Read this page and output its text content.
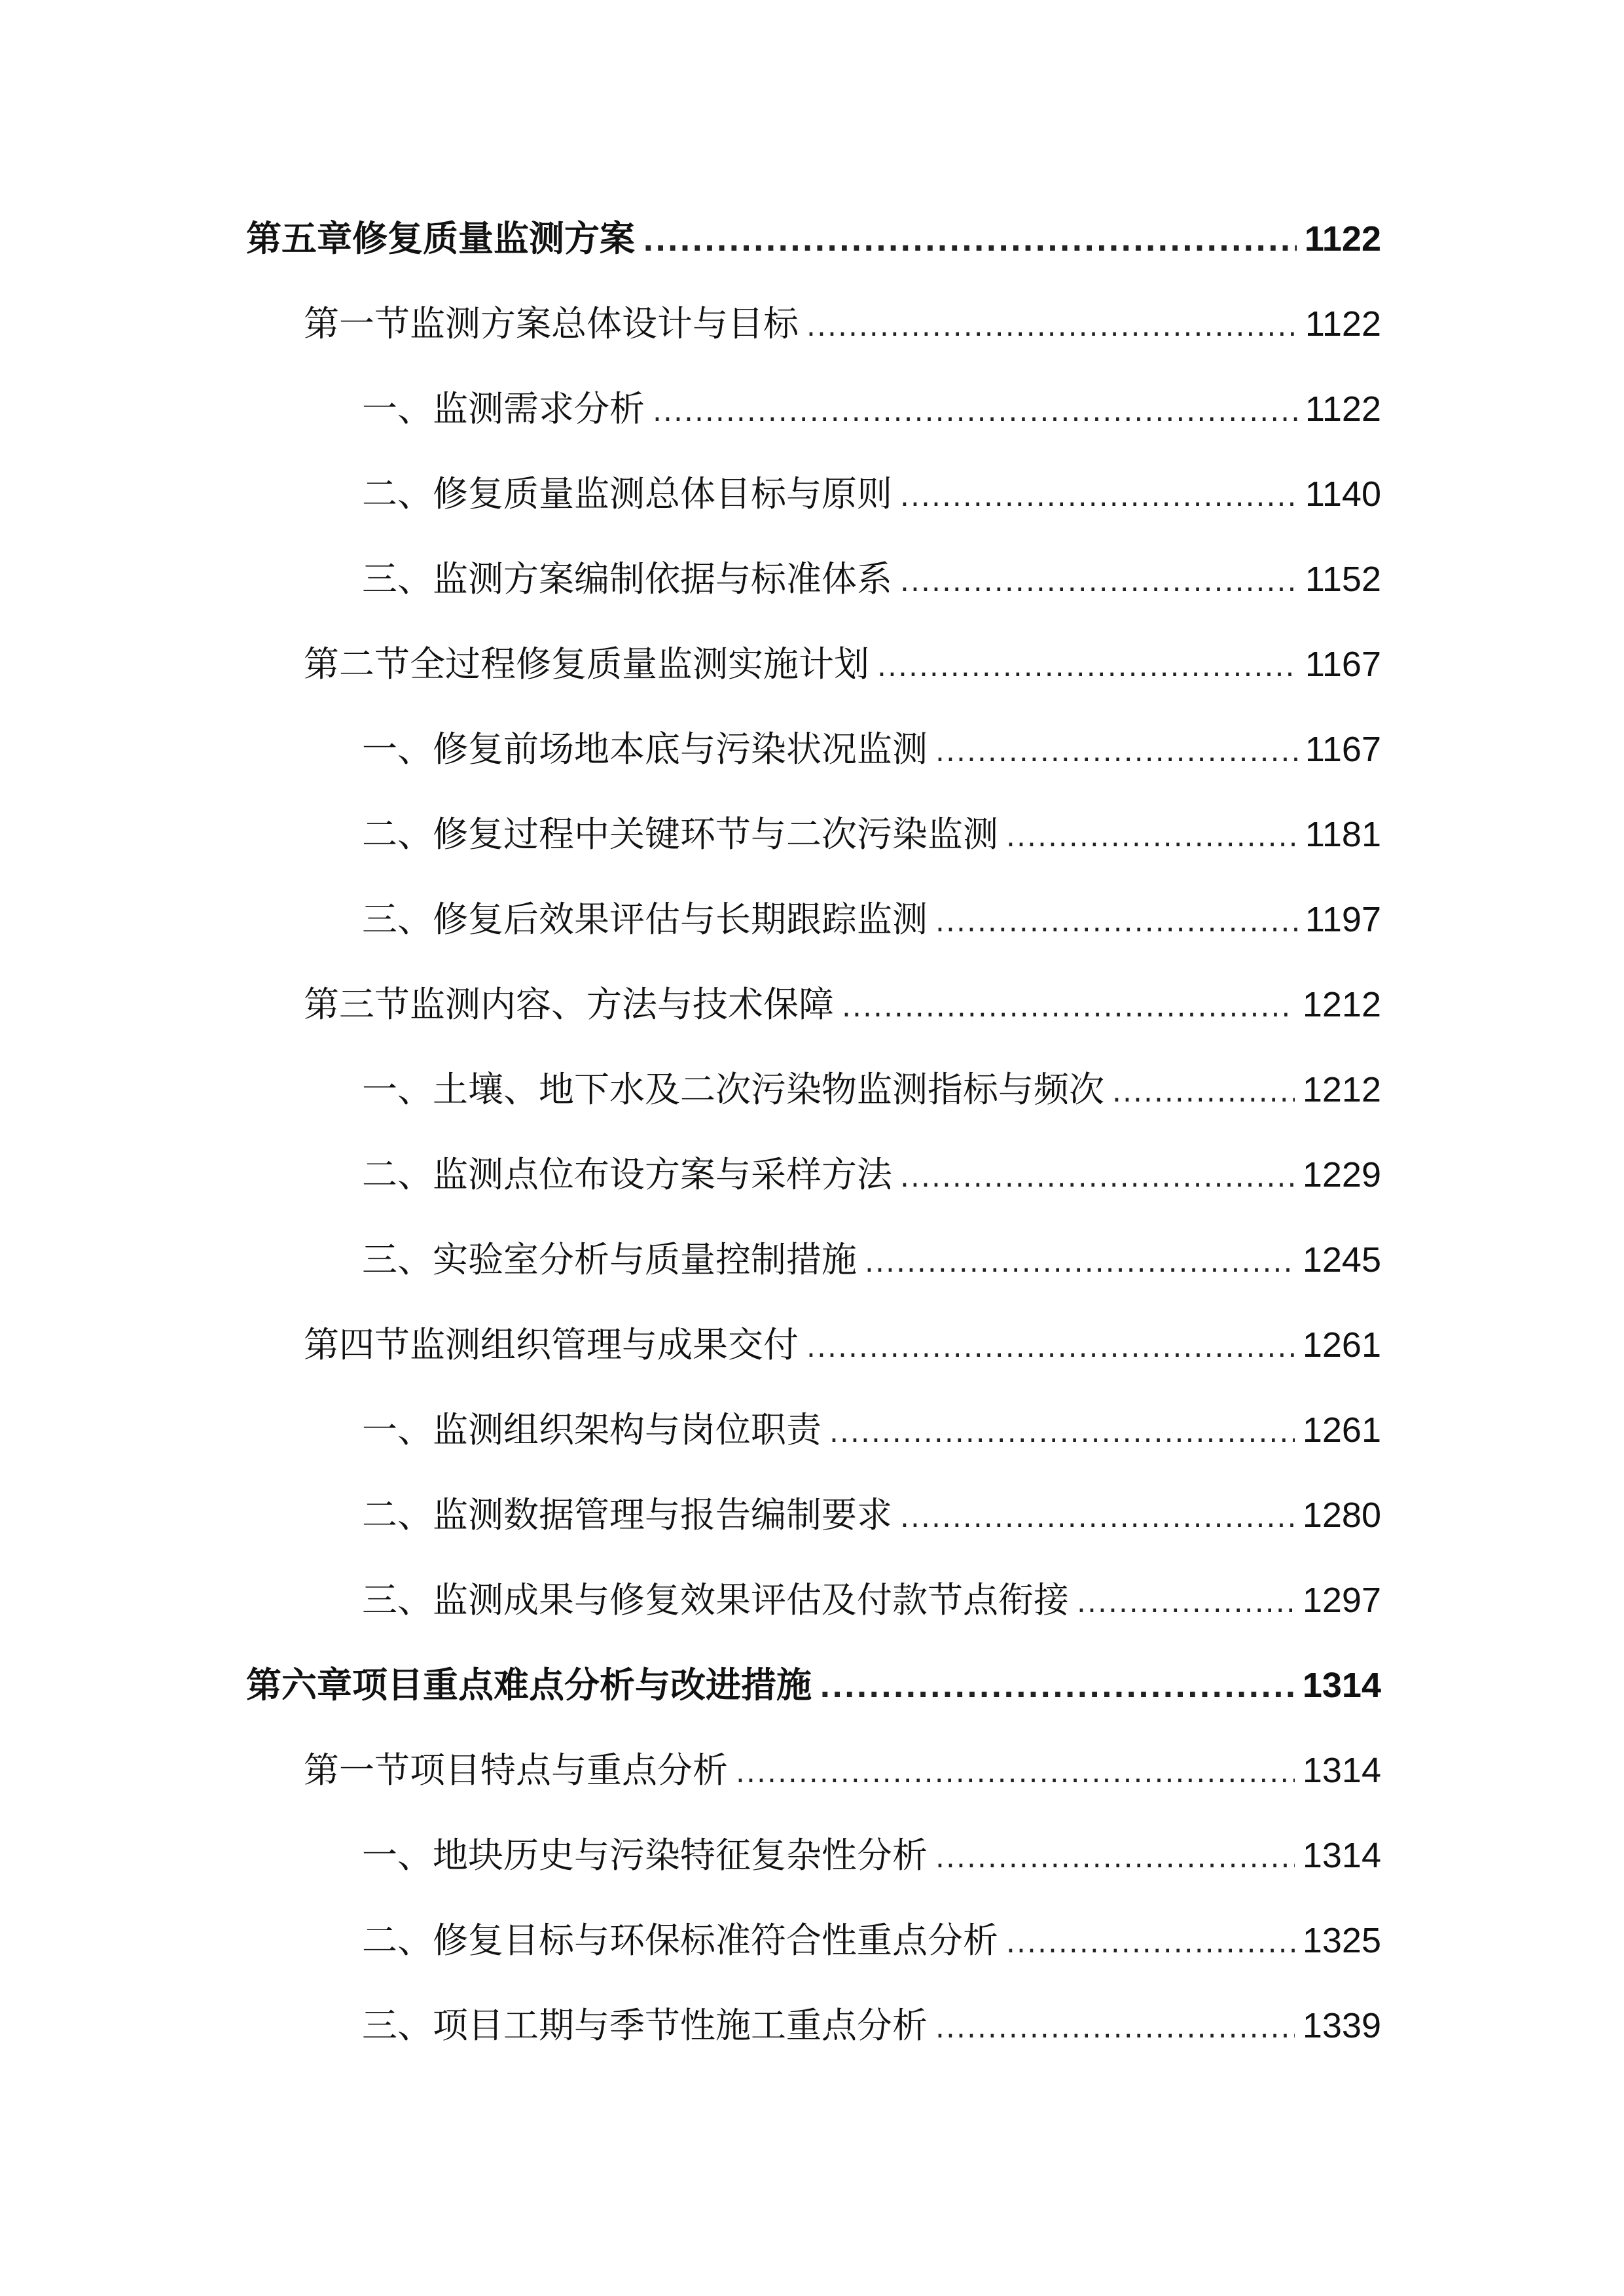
第五章修复质量监测方案 .....	1122
第一节监测方案总体设计与目标 .....	1122
一、监测需求分析 .....	1122
二、修复质量监测总体目标与原则 .....	1140
三、监测方案编制依据与标准体系 .....	1152
第二节全过程修复质量监测实施计划 .....	1167
一、修复前场地本底与污染状况监测 .....	1167
二、修复过程中关键环节与二次污染监测 .....	1181
三、修复后效果评估与长期跟踪监测 .....	1197
第三节监测内容、方法与技术保障 .....	1212
一、土壤、地下水及二次污染物监测指标与频次 .....	1212
二、监测点位布设方案与采样方法 .....	1229
三、实验室分析与质量控制措施 .....	1245
第四节监测组织管理与成果交付 .....	1261
一、监测组织架构与岗位职责 .....	1261
二、监测数据管理与报告编制要求 .....	1280
三、监测成果与修复效果评估及付款节点衔接 .....	1297
第六章项目重点难点分析与改进措施 .....	1314
第一节项目特点与重点分析 .....	1314
一、地块历史与污染特征复杂性分析 .....	1314
二、修复目标与环保标准符合性重点分析 .....	1325
三、项目工期与季节性施工重点分析 .....	1339
